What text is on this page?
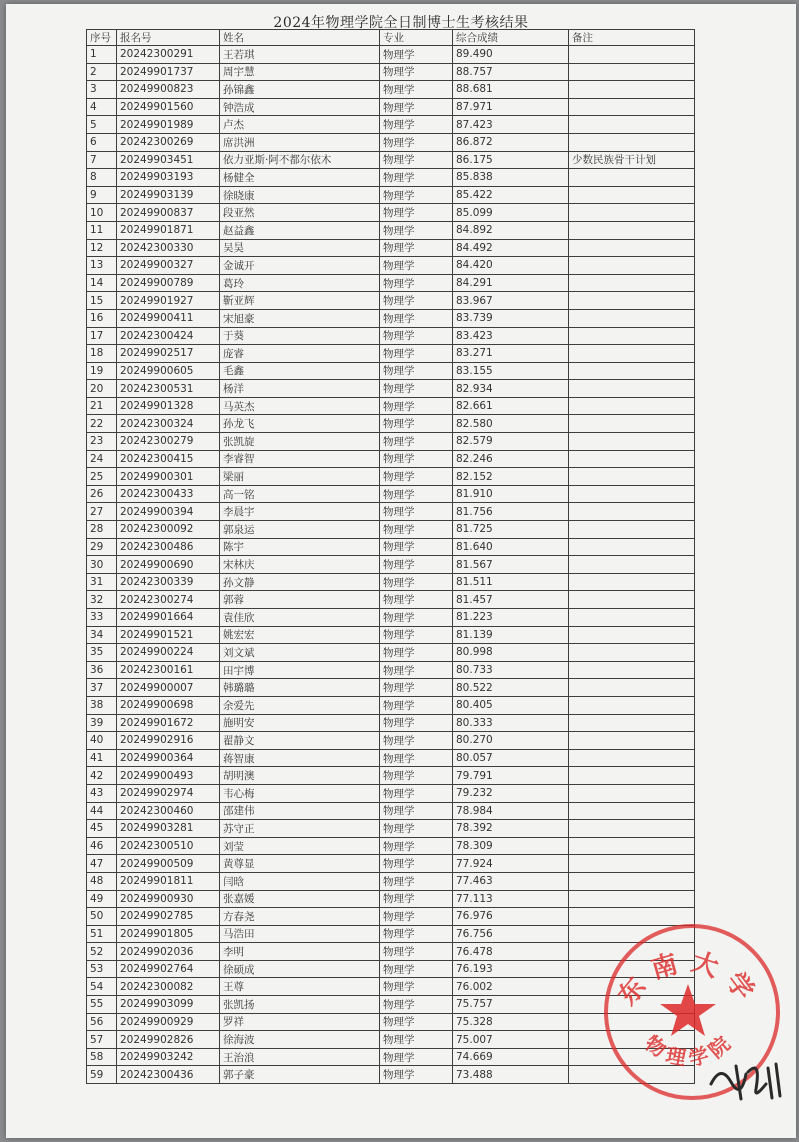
2024年物理学院全日制博士生考核结果
序号	报名号	姓名	专业	综合成绩	备注
1	20242300291	王若琪	物理学	89.490	
2	20249901737	周宇慧	物理学	88.757	
3	20249900823	孙锦鑫	物理学	88.681	
4	20249901560	钟浩成	物理学	87.971	
5	20249901989	卢杰	物理学	87.423	
6	20242300269	席洪洲	物理学	86.872	
7	20249903451	依力亚斯·阿不都尔依木	物理学	86.175	少数民族骨干计划
8	20249903193	杨健全	物理学	85.838	
9	20249903139	徐晓康	物理学	85.422	
10	20249900837	段亚然	物理学	85.099	
11	20249901871	赵益鑫	物理学	84.892	
12	20242300330	吴昊	物理学	84.492	
13	20249900327	金诚开	物理学	84.420	
14	20249900789	葛玲	物理学	84.291	
15	20249901927	靳亚辉	物理学	83.967	
16	20249900411	宋旭豪	物理学	83.739	
17	20242300424	于葵	物理学	83.423	
18	20249902517	庞睿	物理学	83.271	
19	20249900605	毛鑫	物理学	83.155	
20	20242300531	杨洋	物理学	82.934	
21	20249901328	马英杰	物理学	82.661	
22	20242300324	孙龙飞	物理学	82.580	
23	20242300279	张凯旋	物理学	82.579	
24	20242300415	李睿智	物理学	82.246	
25	20249900301	梁丽	物理学	82.152	
26	20242300433	高一铭	物理学	81.910	
27	20249900394	李晨宇	物理学	81.756	
28	20242300092	郭泉运	物理学	81.725	
29	20242300486	陈宇	物理学	81.640	
30	20249900690	宋林庆	物理学	81.567	
31	20242300339	孙文静	物理学	81.511	
32	20242300274	郭蓉	物理学	81.457	
33	20249901664	袁佳欣	物理学	81.223	
34	20249901521	姚宏宏	物理学	81.139	
35	20249900224	刘文斌	物理学	80.998	
36	20242300161	田宇博	物理学	80.733	
37	20249900007	韩璐璐	物理学	80.522	
38	20249900698	余爱先	物理学	80.405	
39	20249901672	施明安	物理学	80.333	
40	20249902916	翟静文	物理学	80.270	
41	20249900364	蒋智康	物理学	80.057	
42	20249900493	胡明澳	物理学	79.791	
43	20249902974	韦心梅	物理学	79.232	
44	20242300460	邵建伟	物理学	78.984	
45	20249903281	苏守正	物理学	78.392	
46	20242300510	刘莹	物理学	78.309	
47	20249900509	黄尊显	物理学	77.924	
48	20249901811	闫晗	物理学	77.463	
49	20249900930	张嘉媛	物理学	77.113	
50	20249902785	方春尧	物理学	76.976	
51	20249901805	马浩田	物理学	76.756	
52	20249902036	李明	物理学	76.478	
53	20249902764	徐硕成	物理学	76.193	
54	20242300082	王尊	物理学	76.002	
55	20249903099	张凯扬	物理学	75.757	
56	20249900929	罗祥	物理学	75.328	
57	20249902826	徐海波	物理学	75.007	
58	20249903242	王治浪	物理学	74.669	
59	20242300436	郭子豪	物理学	73.488	
东南大学
物理学院
